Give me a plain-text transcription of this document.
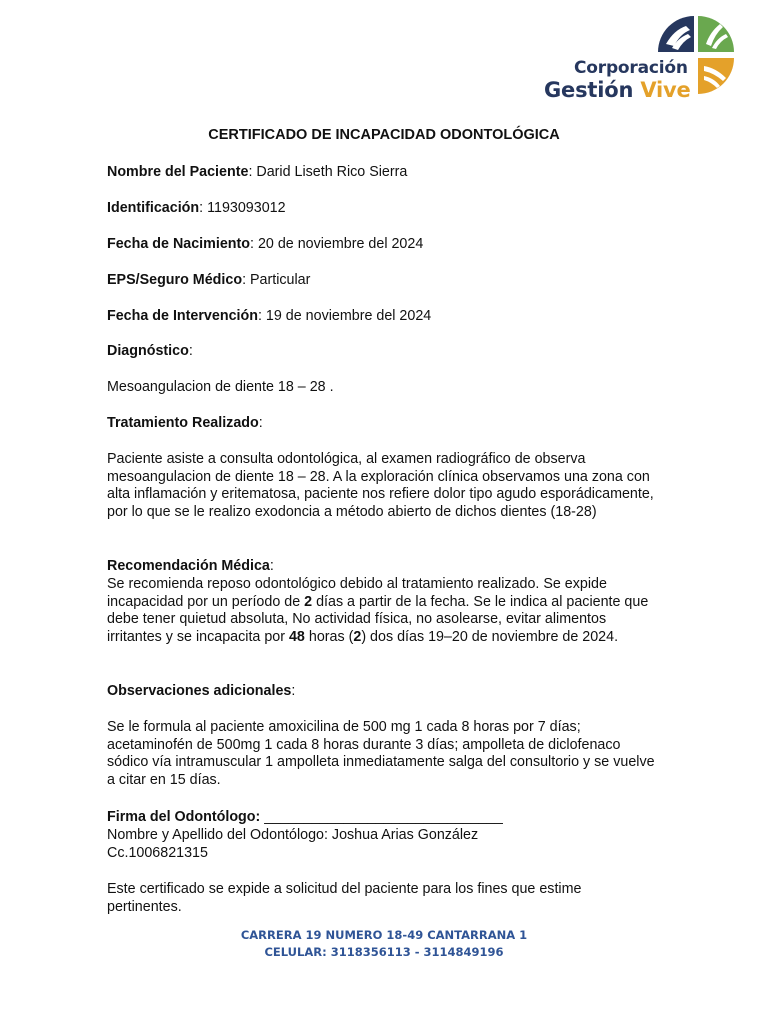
Corporación
Gestión Vive
CERTIFICADO DE INCAPACIDAD ODONTOLÓGICA
Nombre del Paciente: Darid Liseth Rico Sierra
Identificación: 1193093012
Fecha de Nacimiento: 20 de noviembre del 2024
EPS/Seguro Médico: Particular
Fecha de Intervención: 19 de noviembre del 2024
Diagnóstico:
Mesoangulacion de diente 18 – 28 .
Tratamiento Realizado:
Paciente asiste a consulta odontológica, al examen radiográfico de observa mesoangulacion de diente 18 – 28. A la exploración clínica observamos una zona con alta inflamación y eritematosa, paciente nos refiere dolor tipo agudo esporádicamente, por lo que se le realizo exodoncia a método abierto de dichos dientes (18-28)
Recomendación Médica:
Se recomienda reposo odontológico debido al tratamiento realizado. Se expide incapacidad por un período de 2 días a partir de la fecha. Se le indica al paciente que debe tener quietud absoluta, No actividad física, no asolearse, evitar alimentos irritantes y se incapacita por 48 horas (2) dos días 19–20 de noviembre de 2024.
Observaciones adicionales:
Se le formula al paciente amoxicilina de 500 mg 1 cada 8 horas por 7 días; acetaminofén de 500mg 1 cada 8 horas durante 3 días; ampolleta de diclofenaco sódico vía intramuscular 1 ampolleta inmediatamente salga del consultorio y se vuelve a citar en 15 días.
Firma del Odontólogo: ______________________________
Nombre y Apellido del Odontólogo: Joshua Arias González
Cc.1006821315
Este certificado se expide a solicitud del paciente para los fines que estime pertinentes.
CARRERA 19 NUMERO 18-49 CANTARRANA 1
CELULAR: 3118356113 - 3114849196
